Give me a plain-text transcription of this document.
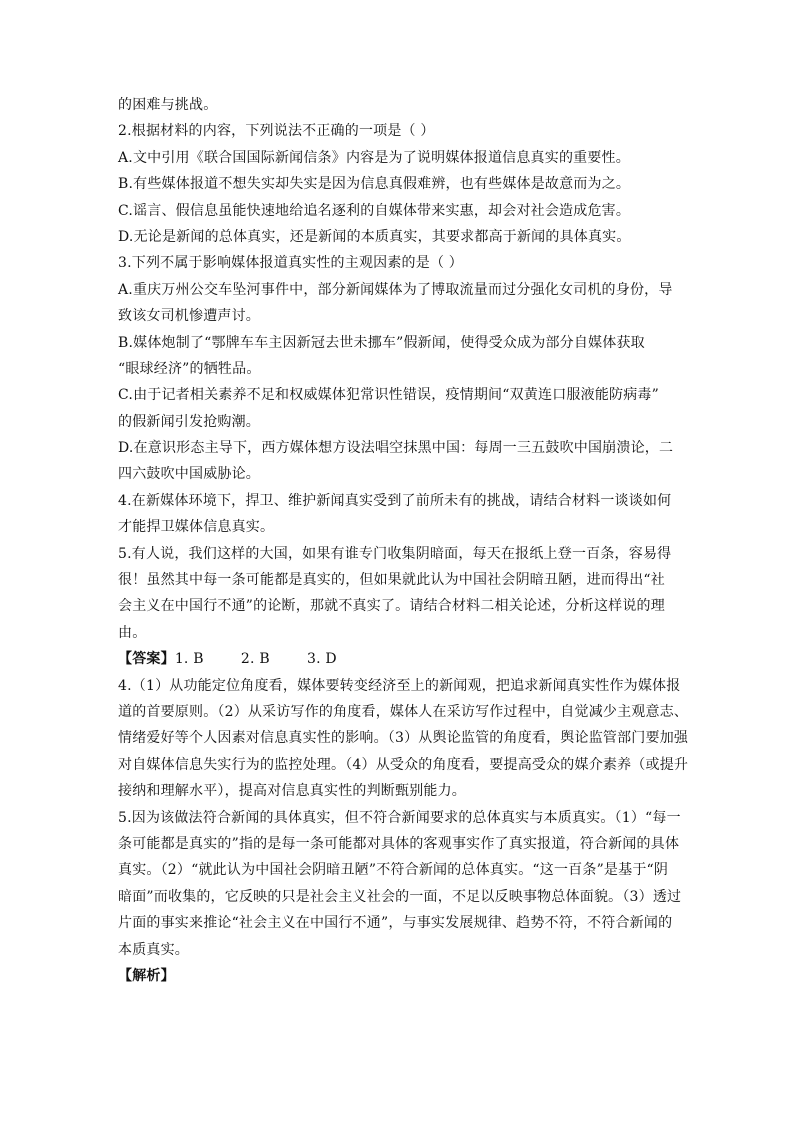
的困难与挑战。
2.根据材料的内容，下列说法不正确的一项是（ ）
A.文中引用《联合国国际新闻信条》内容是为了说明媒体报道信息真实的重要性。
B.有些媒体报道不想失实却失实是因为信息真假难辨，也有些媒体是故意而为之。
C.谣言、假信息虽能快速地给追名逐利的自媒体带来实惠，却会对社会造成危害。
D.无论是新闻的总体真实，还是新闻的本质真实，其要求都高于新闻的具体真实。
3.下列不属于影响媒体报道真实性的主观因素的是（ ）
A.重庆万州公交车坠河事件中，部分新闻媒体为了博取流量而过分强化女司机的身份，导
致该女司机惨遭声讨。
B.媒体炮制了“鄂牌车车主因新冠去世未挪车”假新闻，使得受众成为部分自媒体获取
“眼球经济”的牺牲品。
C.由于记者相关素养不足和权威媒体犯常识性错误，疫情期间“双黄连口服液能防病毒”
的假新闻引发抢购潮。
D.在意识形态主导下，西方媒体想方设法唱空抹黑中国：每周一三五鼓吹中国崩溃论，二
四六鼓吹中国威胁论。
4.在新媒体环境下，捍卫、维护新闻真实受到了前所未有的挑战，请结合材料一谈谈如何
才能捍卫媒体信息真实。
5.有人说，我们这样的大国，如果有谁专门收集阴暗面，每天在报纸上登一百条，容易得
很！虽然其中每一条可能都是真实的，但如果就此认为中国社会阴暗丑陋，进而得出“社
会主义在中国行不通”的论断，那就不真实了。请结合材料二相关论述，分析这样说的理
由。
【答案】1. B        2. B        3. D
4.（1）从功能定位角度看，媒体要转变经济至上的新闻观，把追求新闻真实性作为媒体报
道的首要原则。（2）从采访写作的角度看，媒体人在采访写作过程中，自觉减少主观意志、
情绪爱好等个人因素对信息真实性的影响。（3）从舆论监管的角度看，舆论监管部门要加强
对自媒体信息失实行为的监控处理。（4）从受众的角度看，要提高受众的媒介素养（或提升
接纳和理解水平），提高对信息真实性的判断甄别能力。
5.因为该做法符合新闻的具体真实，但不符合新闻要求的总体真实与本质真实。（1）“每一
条可能都是真实的”指的是每一条可能都对具体的客观事实作了真实报道，符合新闻的具体
真实。（2）“就此认为中国社会阴暗丑陋”不符合新闻的总体真实。“这一百条”是基于“阴
暗面”而收集的，它反映的只是社会主义社会的一面，不足以反映事物总体面貌。（3）透过
片面的事实来推论“社会主义在中国行不通”，与事实发展规律、趋势不符，不符合新闻的
本质真实。
【解析】
